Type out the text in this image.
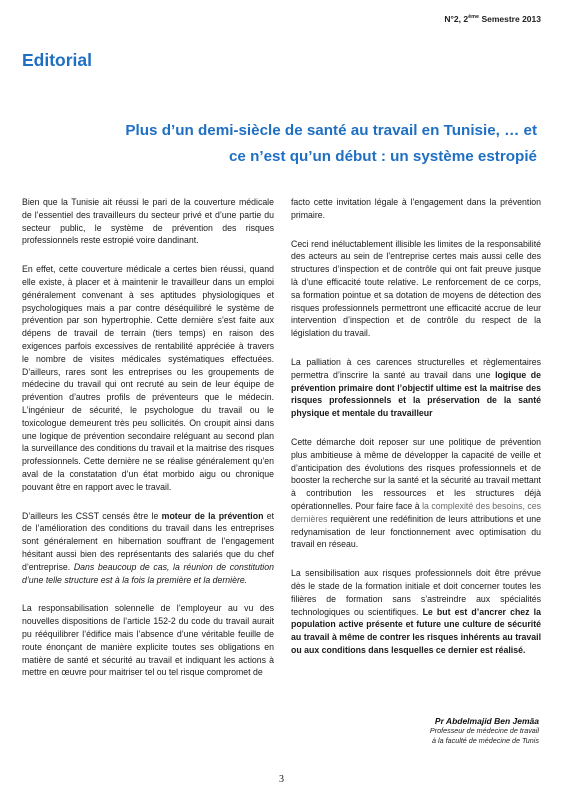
N°2, 2ème Semestre 2013
Editorial
Plus d’un demi-siècle de santé au travail en Tunisie, … et
ce n’est qu’un début : un système estropié

Bien que la Tunisie ait réussi le pari de la couverture médicale de l’essentiel des travailleurs du secteur privé et d’une partie du secteur public, le système de prévention des risques professionnels reste estropié voire dandinant.

En effet, cette couverture médicale a certes bien réussi, quand elle existe, à placer et à maintenir le travailleur dans un emploi généralement convenant à ses aptitudes physiologiques et psychologiques mais a par contre déséquilibré le système de prévention par son hypertrophie. Cette dernière s’est faite aux dépens de travail de terrain (tiers temps) en raison des exigences parfois excessives de rentabilité appréciée à travers le nombre de visites médicales systématiques effectuées. D’ailleurs, rares sont les entreprises ou les groupements de médecine du travail qui ont recruté au sein de leur équipe de prévention d’autres profils de préventeurs que le médecin. L’ingénieur de sécurité, le psychologue du travail ou le toxicologue demeurent très peu sollicités. On croupit ainsi dans une logique de prévention secondaire reléguant au second plan la surveillance des conditions du travail et la maitrise des risques professionnels. Cette dernière ne se réalise généralement qu’en aval de la constatation d’un état morbido aigu ou chronique pouvant être en rapport avec le travail.

D’ailleurs les CSST censés être le moteur de la prévention et de l’amélioration des conditions du travail dans les entreprises sont généralement en hibernation souffrant de l’engagement hésitant aussi bien des représentants des salariés que du chef d’entreprise. Dans beaucoup de cas, la réunion de constitution d’une telle structure est à la fois la première et la dernière.

La responsabilisation solennelle de l’employeur au vu des nouvelles dispositions de l’article 152-2 du code du travail aurait pu rééquilibrer l’édifice mais l’absence d’une véritable feuille de route énonçant de manière explicite toutes ses obligations en matière de santé et sécurité au travail et indiquant les actions à mettre en œuvre pour maitriser tel ou tel risque compromet de

facto cette invitation légale à l’engagement dans la prévention primaire.

Ceci rend inéluctablement illisible les limites de la responsabilité des acteurs au sein de l’entreprise certes mais aussi celle des structures d’inspection et de contrôle qui ont fait preuve jusque là d’une efficacité toute relative. Le renforcement de ce corps, sa formation pointue et sa dotation de moyens de détection des risques professionnels permettront une efficacité accrue de leur intervention d’inspection et de contrôle du respect de la législation du travail.

La palliation à ces carences structurelles et règlementaires permettra d’inscrire la santé au travail dans une logique de prévention primaire dont l’objectif ultime est la maitrise des risques professionnels et la préservation de la santé physique et mentale du travailleur

Cette démarche doit reposer sur une politique de prévention plus ambitieuse à même de développer la capacité de veille et d’anticipation des évolutions des risques professionnels et de booster la recherche sur la santé et la sécurité au travail mettant à contribution les ressources et les structures déjà opérationnelles. Pour faire face à la complexité des besoins, ces dernières requièrent une redéfinition de leurs attributions et une redynamisation de leur fonctionnement avec optimisation du travail en réseau.

La sensibilisation aux risques professionnels doit être prévue dès le stade de la formation initiale et doit concerner toutes les filières de formation sans s’astreindre aux spécialités technologiques ou scientifiques. Le but est d’ancrer chez la population active présente et future une culture de sécurité au travail à même de contrer les risques inhérents au travail ou aux conditions dans lesquelles ce dernier est réalisé.

Pr Abdelmajid Ben Jemâa
Professeur de médecine de travail
à la faculté de médecine de Tunis
3
